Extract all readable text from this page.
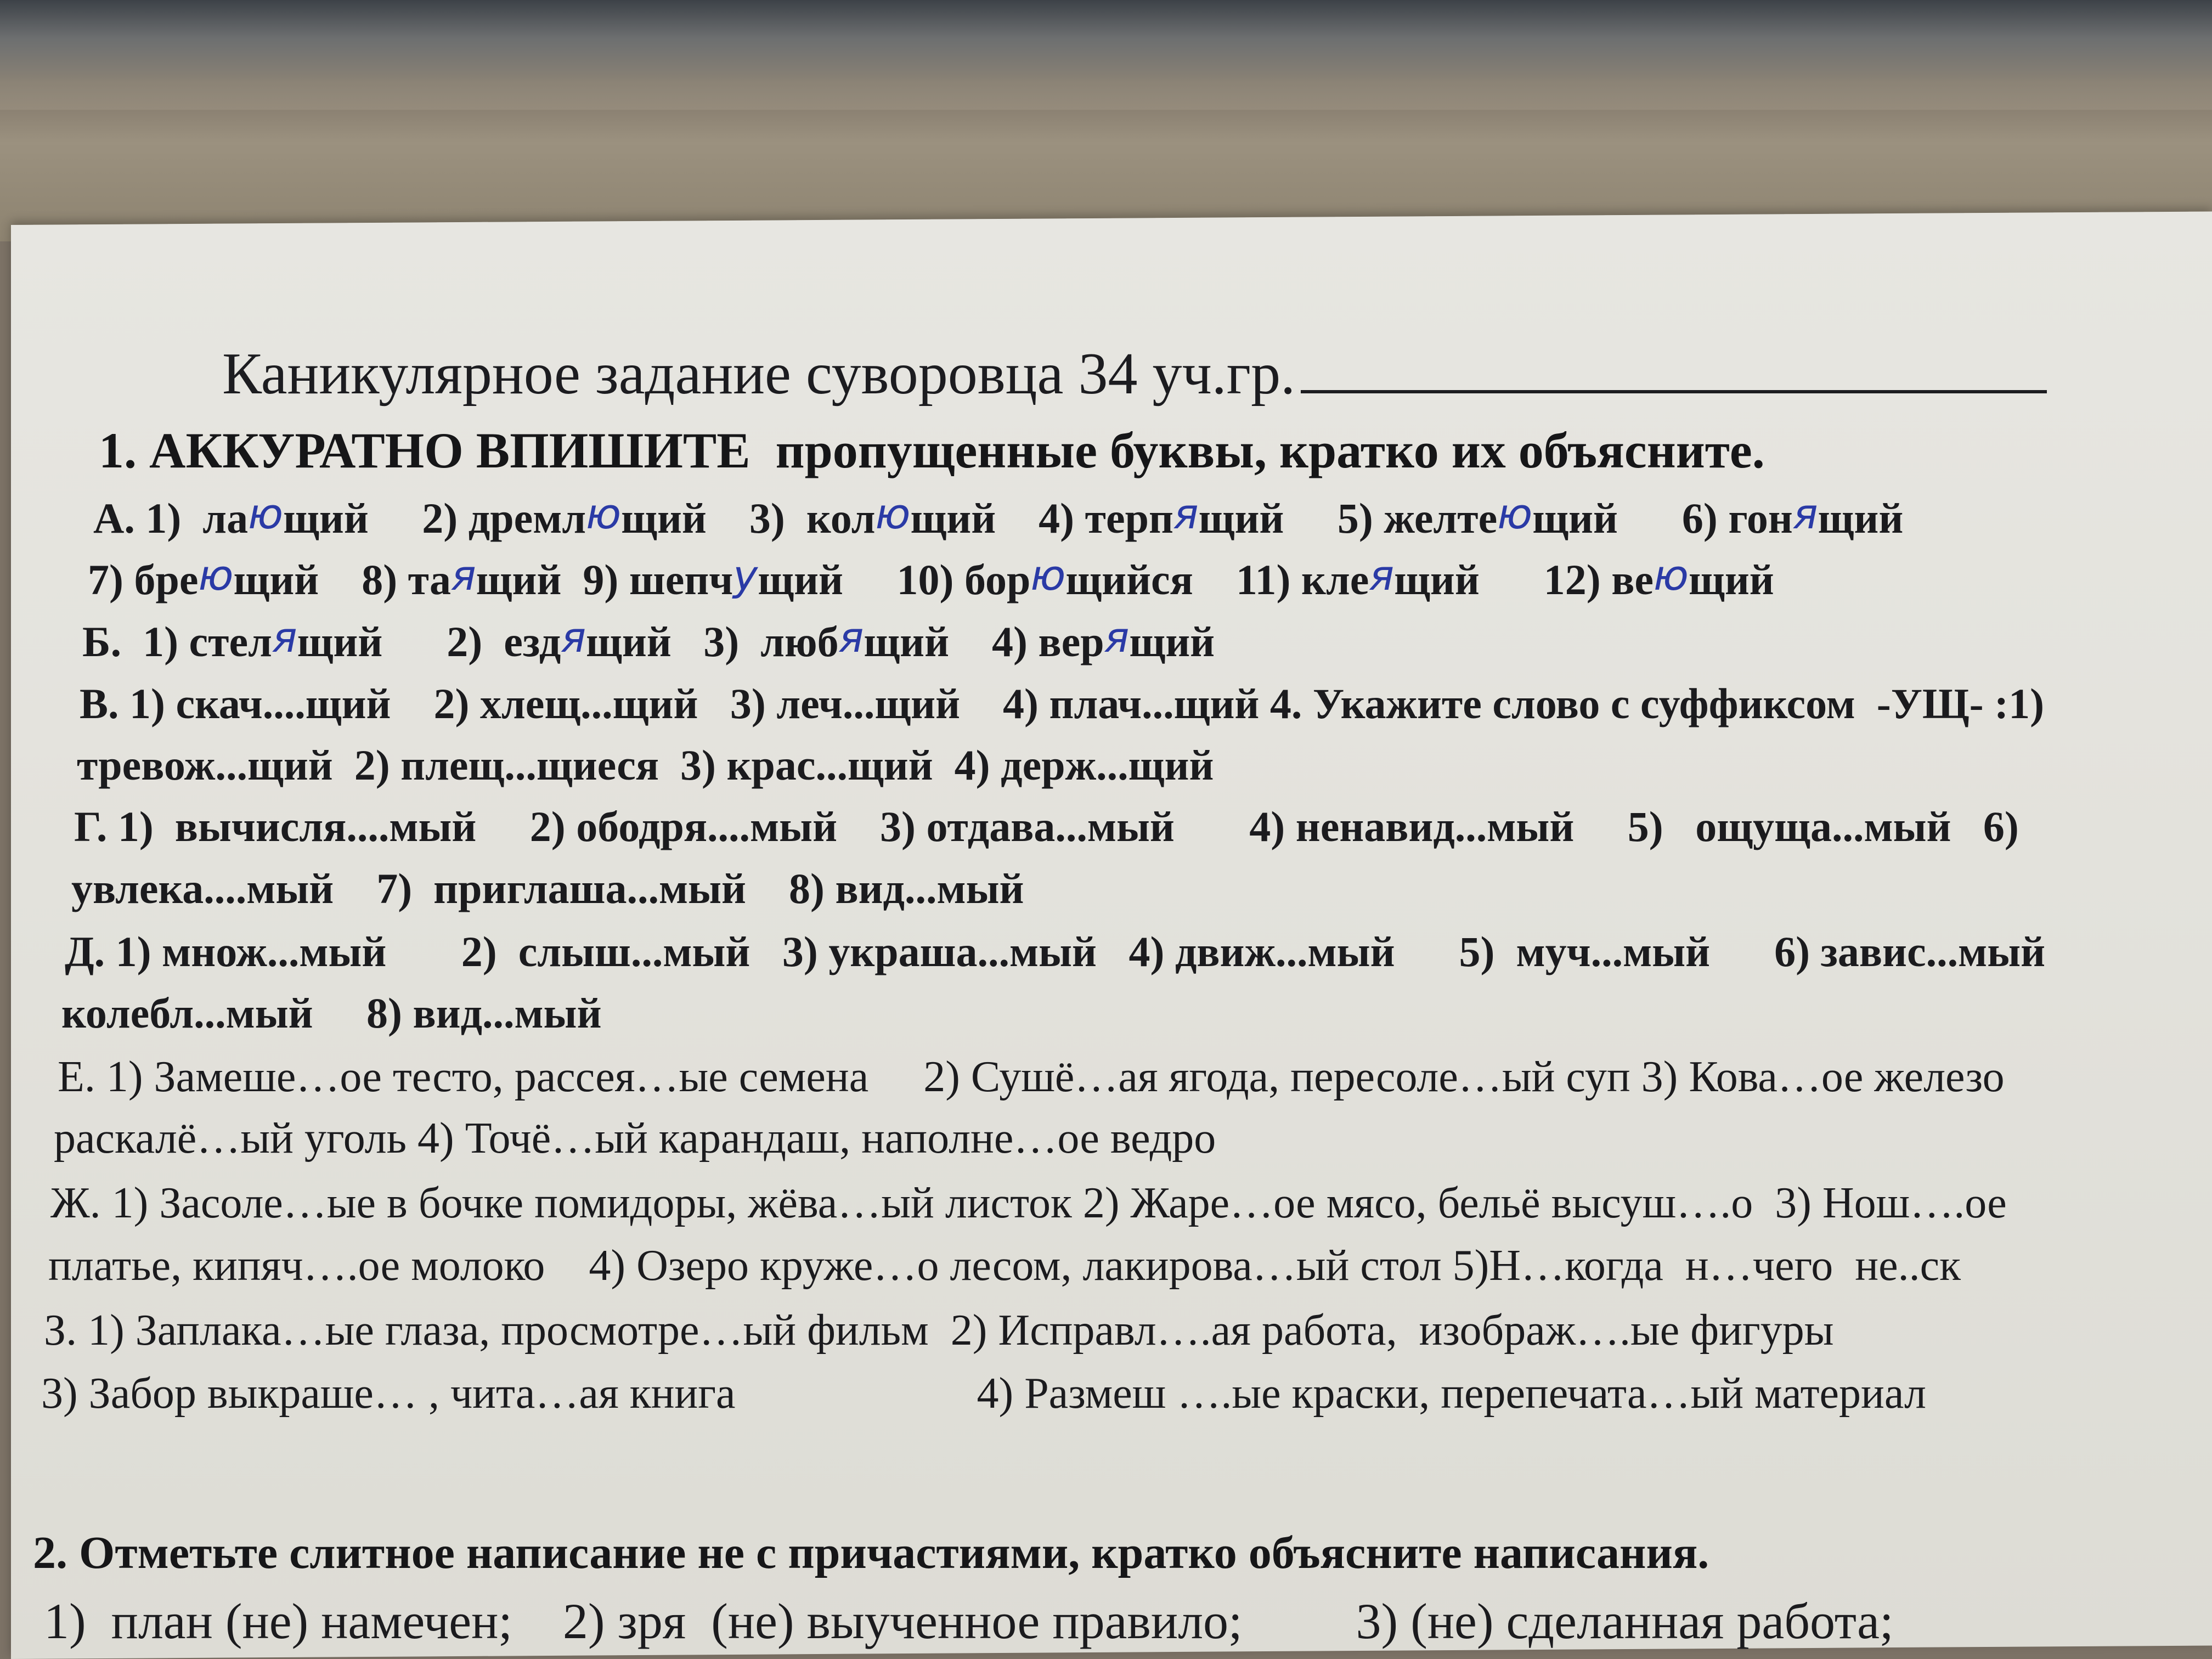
Каникулярное задание суворовца 34 уч.гр.
1. АККУРАТНО ВПИШИТЕ  пропущенные буквы, кратко их объясните.
А. 1)  лающий     2) дремлющий    3)  колющий    4) терпящий     5) желтеющий      6) гонящий
7) бреющий    8) таящий  9) шепчущий     10) борющийся    11) клеящий      12) веющий
Б.  1) стелящий      2)  ездящий   3)  любящий    4) верящий
В. 1) скач....щий    2) хлещ...щий   3) леч...щий    4) плач...щий 4. Укажите слово с суффиксом  -УЩ- :1)
тревож...щий  2) плещ...щиеся  3) крас...щий  4) держ...щий
Г. 1)  вычисля....мый     2) ободря....мый    3) отдава...мый       4) ненавид...мый     5)   ощуща...мый   6)
увлека....мый    7)  приглаша...мый    8) вид...мый
Д. 1) множ...мый       2)  слыш...мый   3) украша...мый   4) движ...мый      5)  муч...мый      6) завис...мый
колебл...мый     8) вид...мый
Е. 1) Замеше…ое тесто, рассея…ые семена     2) Сушё…ая ягода, пересоле…ый суп 3) Кова…ое железо
раскалё…ый уголь 4) Точё…ый карандаш, наполне…ое ведро
Ж. 1) Засоле…ые в бочке помидоры, жёва…ый листок 2) Жаре…ое мясо, бельё высуш….о  3) Нош….ое
платье, кипяч….ое молоко    4) Озеро круже…о лесом, лакирова…ый стол 5)Н…когда  н…чего  не..ск
З. 1) Заплака…ые глаза, просмотре…ый фильм  2) Исправл….ая работа,  изображ….ые фигуры
3) Забор выкраше… , чита…ая книга                      4) Размеш ….ые краски, перепечата…ый материал
2. Отметьте слитное написание не с причастиями, кратко объясните написания.
1)  план (не) намечен;    2) зря  (не) выученное правило;         3) (не) сделанная работа;
